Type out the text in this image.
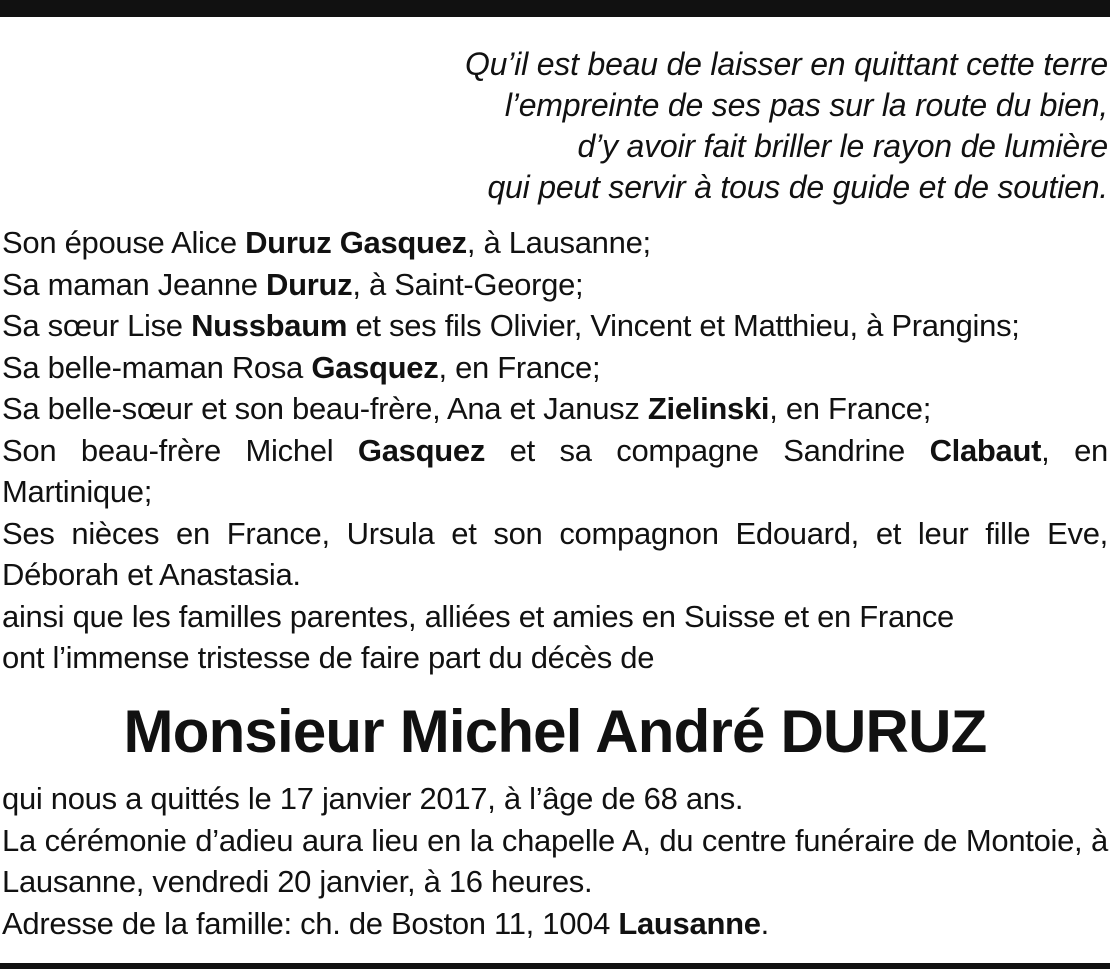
Qu’il est beau de laisser en quittant cette terre
l’empreinte de ses pas sur la route du bien,
d’y avoir fait briller le rayon de lumière
qui peut servir à tous de guide et de soutien.

Son épouse Alice Duruz Gasquez, à Lausanne;

Sa maman Jeanne Duruz, à Saint-George;

Sa sœur Lise Nussbaum et ses fils Olivier, Vincent et Matthieu, à Prangins;

Sa belle-maman Rosa Gasquez, en France;

Sa belle-sœur et son beau-frère, Ana et Janusz Zielinski, en France;

Son beau-frère Michel Gasquez et sa compagne Sandrine Clabaut, en Martinique;

Ses nièces en France, Ursula et son compagnon Edouard, et leur fille Eve, Déborah et Anastasia.

ainsi que les familles parentes, alliées et amies en Suisse et en France

ont l’immense tristesse de faire part du décès de

Monsieur Michel André DURUZ

qui nous a quittés le 17 janvier 2017, à l’âge de 68 ans.

La cérémonie d’adieu aura lieu en la chapelle A, du centre funéraire de Montoie, à Lausanne, vendredi 20 janvier, à 16 heures.

Adresse de la famille: ch. de Boston 11, 1004 Lausanne.
